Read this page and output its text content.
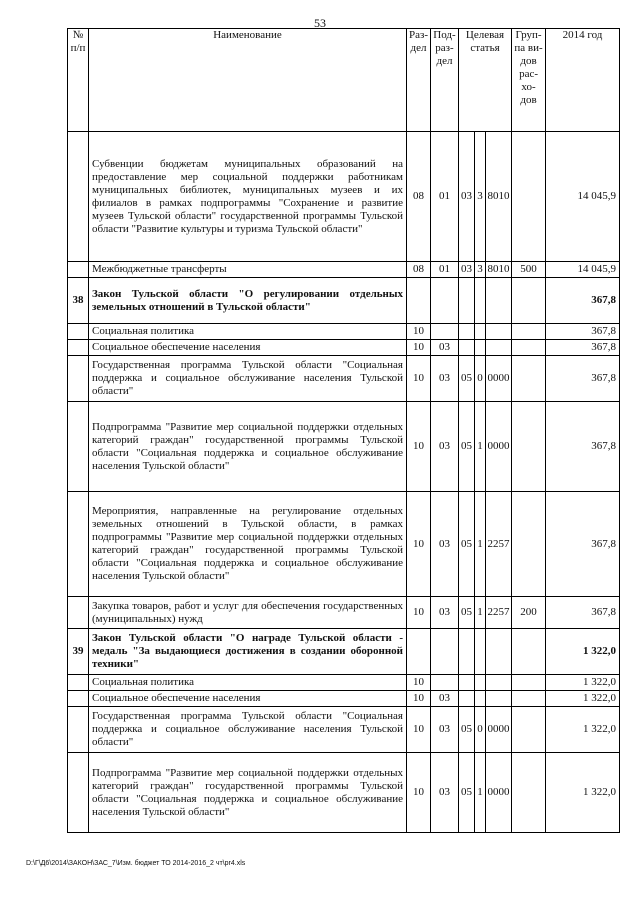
53
№ п/п	Наименование	Раз- дел	Под- раз- дел	Целевая статья			Груп- па ви- дов рас- хо- дов	2014 год
	Субвенции бюджетам муниципальных образований на предоставление мер социальной поддержки работникам муниципальных библиотек, муниципальных музеев и их филиалов в рамках подпрограммы "Сохранение и развитие музеев Тульской области" государственной программы Тульской области "Развитие культуры и туризма Тульской области"	08	01	03	3	8010		14 045,9
	Межбюджетные трансферты	08	01	03	3	8010	500	14 045,9
38	Закон Тульской области "О регулировании отдельных земельных отношений в Тульской области"							367,8
	Социальная политика	10						367,8
	Социальное обеспечение населения	10	03					367,8
	Государственная программа Тульской области "Социальная поддержка и социальное обслуживание населения Тульской области"	10	03	05	0	0000		367,8
	Подпрограмма "Развитие мер социальной поддержки отдельных категорий граждан" государственной программы Тульской области "Социальная поддержка и социальное обслуживание населения Тульской области"	10	03	05	1	0000		367,8
	Мероприятия, направленные на регулирование отдельных земельных отношений в Тульской области, в рамках подпрограммы "Развитие мер социальной поддержки отдельных категорий граждан" государственной программы Тульской области "Социальная поддержка и социальное обслуживание населения Тульской области"	10	03	05	1	2257		367,8
	Закупка товаров, работ и услуг для обеспечения государственных (муниципальных) нужд	10	03	05	1	2257	200	367,8
39	Закон Тульской области "О награде Тульской области - медаль "За выдающиеся достижения в создании оборонной техники"							1 322,0
	Социальная политика	10						1 322,0
	Социальное обеспечение населения	10	03					1 322,0
	Государственная программа Тульской области "Социальная поддержка и социальное обслуживание населения Тульской области"	10	03	05	0	0000		1 322,0
	Подпрограмма "Развитие мер социальной поддержки отдельных категорий граждан" государственной программы Тульской области "Социальная поддержка и социальное обслуживание населения Тульской области"	10	03	05	1	0000		1 322,0
D:\Г\Д6\2014\ЗАКОН\ЗАС_7\Изм. бюджет ТО 2014-2016_2 чт\pr4.xls
